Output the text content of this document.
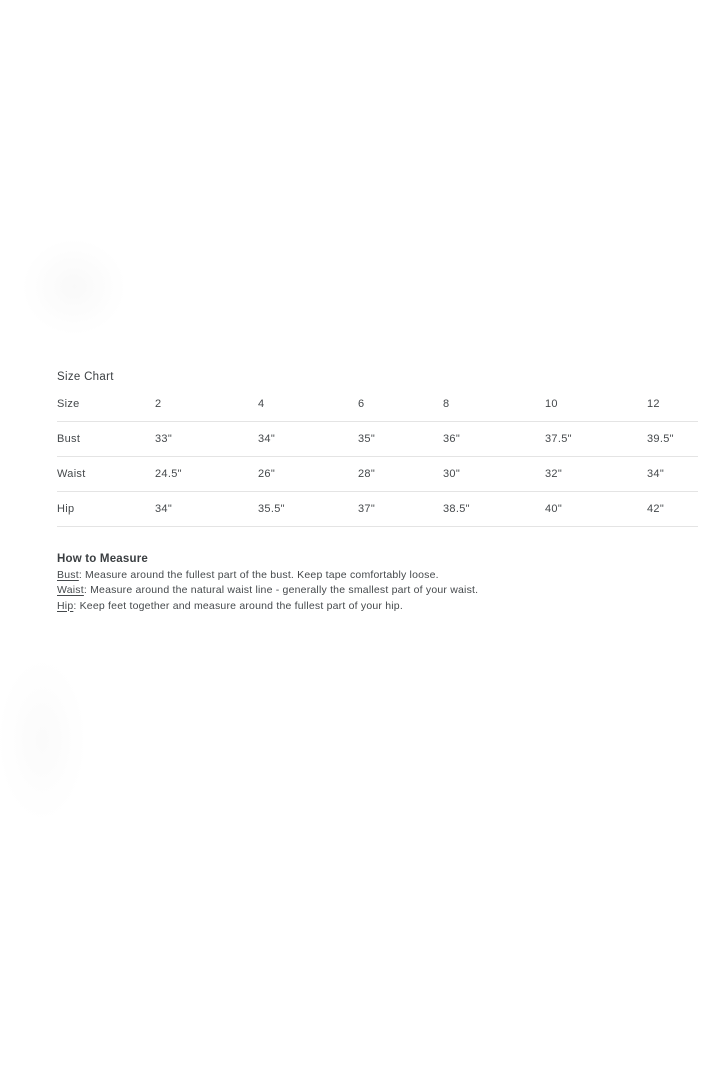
Size Chart
Size	2	4	6	8	10	12
Bust	33"	34"	35"	36"	37.5"	39.5"
Waist	24.5"	26"	28"	30"	32"	34"
Hip	34"	35.5"	37"	38.5"	40"	42"
How to Measure

Bust: Measure around the fullest part of the bust. Keep tape comfortably loose.

Waist: Measure around the natural waist line - generally the smallest part of your waist.

Hip: Keep feet together and measure around the fullest part of your hip.
